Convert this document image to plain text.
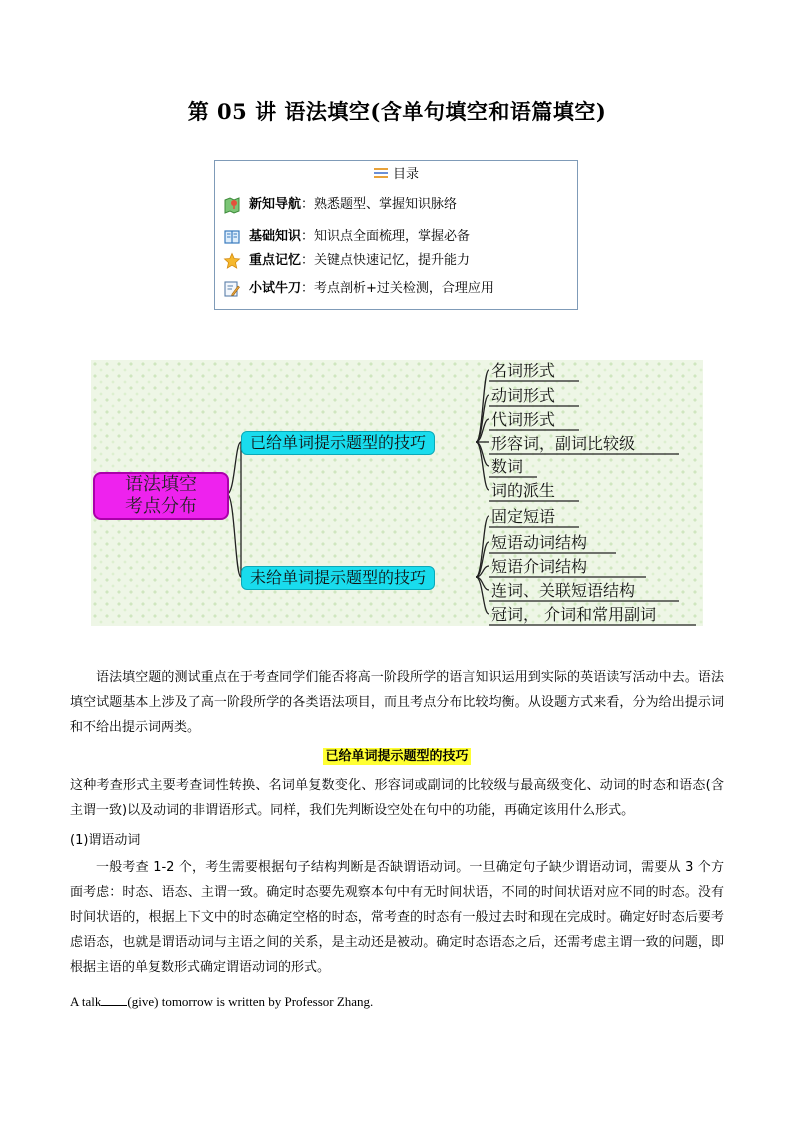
第 05 讲 语法填空(含单句填空和语篇填空)
目录
新知导航：熟悉题型、掌握知识脉络
基础知识：知识点全面梳理，掌握必备
重点记忆：关键点快速记忆，提升能力
小试牛刀：考点剖析+过关检测，合理应用
语法填空
考点分布
已给单词提示题型的技巧
未给单词提示题型的技巧
名词形式
动词形式
代词形式
形容词，副词比较级
数词
词的派生
固定短语
短语动词结构
短语介词结构
连词、关联短语结构
冠词， 介词和常用副词
语法填空题的测试重点在于考查同学们能否将高一阶段所学的语言知识运用到实际的英语读写活动中去。语法填空试题基本上涉及了高一阶段所学的各类语法项目，而且考点分布比较均衡。从设题方式来看，分为给出提示词和不给出提示词两类。
已给单词提示题型的技巧
这种考查形式主要考查词性转换、名词单复数变化、形容词或副词的比较级与最高级变化、动词的时态和语态(含主谓一致)以及动词的非谓语形式。同样，我们先判断设空处在句中的功能，再确定该用什么形式。
(1)谓语动词
一般考查 1-2 个，考生需要根据句子结构判断是否缺谓语动词。一旦确定句子缺少谓语动词，需要从 3 个方面考虑：时态、语态、主谓一致。确定时态要先观察本句中有无时间状语，不同的时间状语对应不同的时态。没有时间状语的，根据上下文中的时态确定空格的时态，常考查的时态有一般过去时和现在完成时。确定好时态后要考虑语态，也就是谓语动词与主语之间的关系，是主动还是被动。确定时态语态之后，还需考虑主谓一致的问题，即根据主语的单复数形式确定谓语动词的形式。
A talk (give) tomorrow is written by Professor Zhang.
